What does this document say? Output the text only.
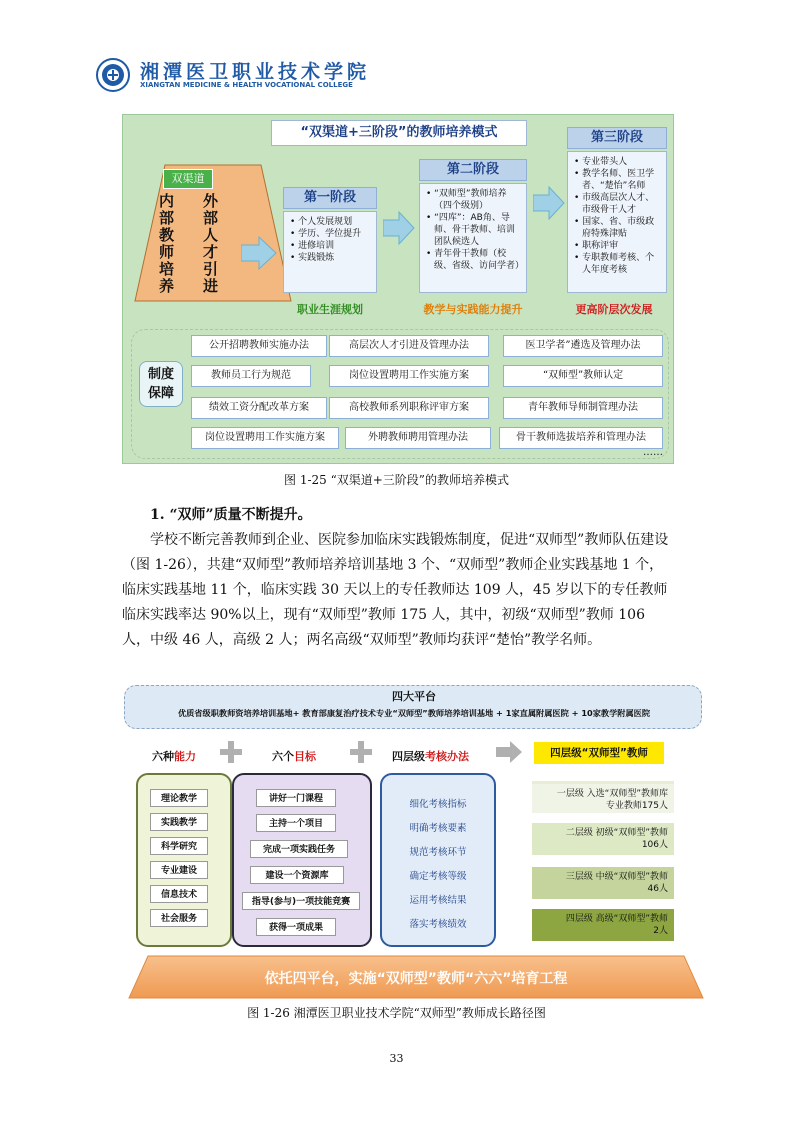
湘潭医卫职业技术学院
XIANGTAN MEDICINE & HEALTH VOCATIONAL COLLEGE
“双渠道+三阶段”的教师培养模式
双渠道
内部教师培养
外部人才引进
第一阶段
• 个人发展规划
• 学历、学位提升
• 进修培训
• 实践锻炼
职业生涯规划
第二阶段
• “双师型”教师培养（四个级别）
• “四库”：AB角、导师、骨干教师、培训团队候选人
• 青年骨干教师（校级、省级、访问学者）
教学与实践能力提升
第三阶段
• 专业带头人
• 教学名师、医卫学者、“楚怡”名师
• 市级高层次人才、市级骨干人才
• 国家、省、市级政府特殊津贴
• 职称评审
• 专职教师考核、个人年度考核
更高阶层次发展
制度保障
公开招聘教师实施办法	高层次人才引进及管理办法	医卫学者”遴选及管理办法
教师员工行为规范	岗位设置聘用工作实施方案	“双师型”教师认定
绩效工资分配改革方案	高校教师系列职称评审方案	青年教师导师制管理办法
岗位设置聘用工作实施方案	外聘教师聘用管理办法	骨干教师选拔培养和管理办法
……
图 1-25 “双渠道+三阶段”的教师培养模式
1. “双师”质量不断提升。
学校不断完善教师到企业、医院参加临床实践锻炼制度，促进“双师型”教师队伍建设（图 1-26），共建“双师型”教师培养培训基地 3 个、“双师型”教师企业实践基地 1 个，临床实践基地 11 个，临床实践 30 天以上的专任教师达 109 人，45 岁以下的专任教师临床实践率达 90%以上，现有“双师型”教师 175 人，其中，初级“双师型”教师 106 人，中级 46 人，高级 2 人；两名高级“双师型”教师均获评“楚怡”教学名师。
四大平台
优质省级职教师资培养培训基地+ 教育部康复治疗技术专业“双师型”教师培养培训基地 + 1家直属附属医院 + 10家教学附属医院
六种能力	六个目标	四层级考核办法	四层级“双师型”教师
理论教学
实践教学
科学研究
专业建设
信息技术
社会服务
讲好一门课程
主持一个项目
完成一项实践任务
建设一个资源库
指导(参与)一项技能竞赛
获得一项成果
细化考核指标
明确考核要素
规范考核环节
确定考核等级
运用考核结果
落实考核绩效
一层级 入选“双师型”教师库
专业教师175人
二层级 初级“双师型”教师
106人
三层级 中级“双师型”教师
46人
四层级 高级“双师型”教师
2人
依托四平台，实施“双师型”教师“六六”培育工程
图 1-26 湘潭医卫职业技术学院“双师型”教师成长路径图
33
